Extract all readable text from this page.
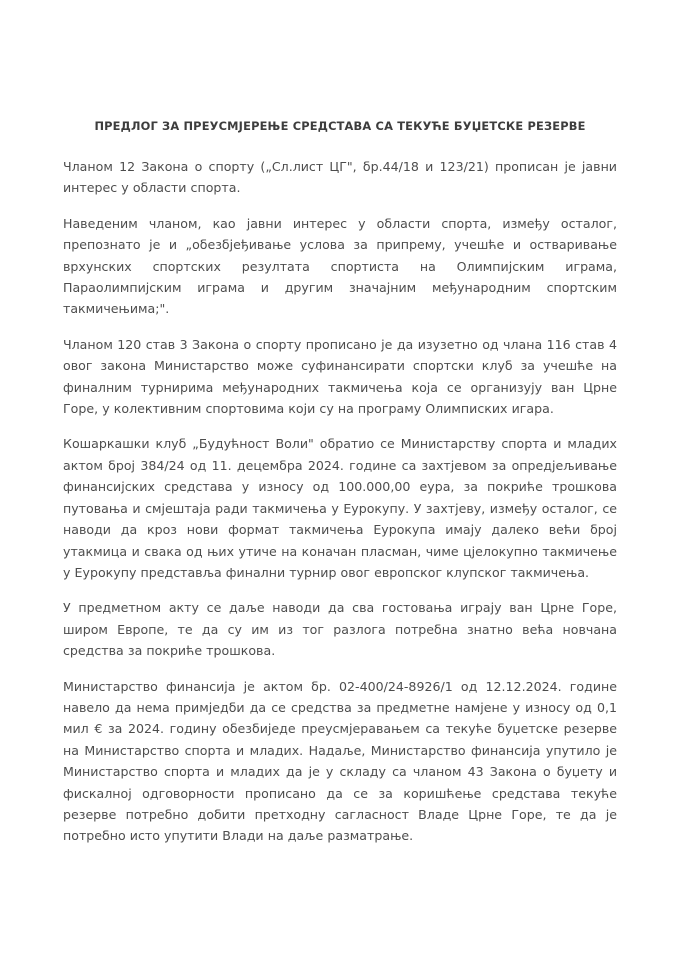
ПРЕДЛОГ ЗА ПРЕУСМЈЕРЕЊЕ СРЕДСТАВА СА ТЕКУЋЕ БУЏЕТСКЕ РЕЗЕРВЕ

Чланом 12 Закона о спорту („Сл.лист ЦГ", бр.44/18 и 123/21) прописан је јавни интерес у области спорта.

Наведеним чланом, као јавни интерес у области спорта, између осталог, препознато је и „обезбјеђивање услова за припрему, учешће и остваривање врхунских спортских резултата спортиста на Олимпијским играма, Параолимпијским играма и другим значајним међународним спортским такмичењима;".

Чланом 120 став 3 Закона о спорту прописано је да изузетно од члана 116 став 4 овог закона Министарство може суфинансирати спортски клуб за учешће на финалним турнирима међународних такмичења која се организују ван Црне Горе, у колективним спортовима који су на програму Олимписких игара.

Кошаркашки клуб „Будућност Воли" обратио се Министарству спорта и младих актом број 384/24 од 11. децембра 2024. године са захтјевом за опредјељивање финансијских средстава у износу од 100.000,00 еура, за покриће трошкова путовања и смјештаја ради такмичења у Еурокупу. У захтјеву, између осталог, се наводи да кроз нови формат такмичења Еурокупа имају далеко већи број утакмица и свака од њих утиче на коначан пласман, чиме цјелокупно такмичење у Еурокупу представља финални турнир овог европског клупског такмичења.

У предметном акту се даље наводи да сва гостовања играју ван Црне Горе, широм Европе, те да су им из тог разлога потребна знатно већа новчана средства за покриће трошкова.

Министарство финансија је актом бр. 02-400/24-8926/1 од 12.12.2024. године навело да нема примједби да се средства за предметне намјене у износу од 0,1 мил € за 2024. годину обезбиједе преусмјеравањем са текуће буџетске резерве на Министарство спорта и младих. Надаље, Министарство финансија упутило је Министарство спорта и младих да је у складу са чланом 43 Закона о буџету и фискалној одговорности прописано да се за коришћење средстава текуће резерве потребно добити претходну сагласност Владе Црне Горе, те да је потребно исто упутити Влади на даље разматрање.
